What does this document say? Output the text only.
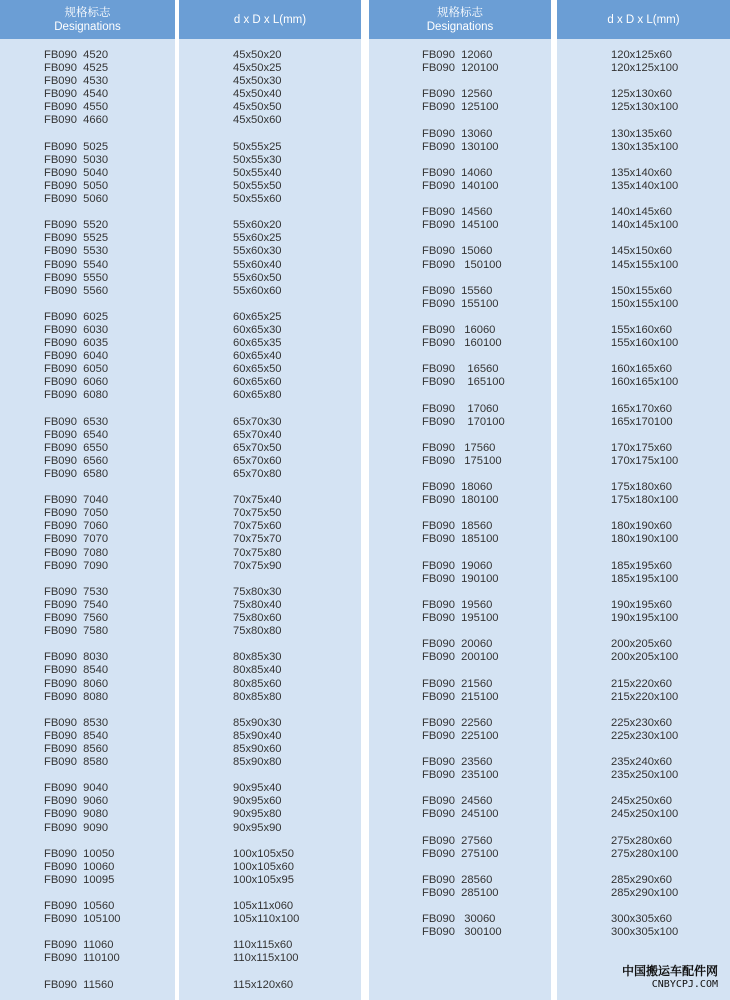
规格标志
Designations
FB090  4520
FB090  4525
FB090  4530
FB090  4540
FB090  4550
FB090  4660
FB090  5025
FB090  5030
FB090  5040
FB090  5050
FB090  5060
FB090  5520
FB090  5525
FB090  5530
FB090  5540
FB090  5550
FB090  5560
FB090  6025
FB090  6030
FB090  6035
FB090  6040
FB090  6050
FB090  6060
FB090  6080
FB090  6530
FB090  6540
FB090  6550
FB090  6560
FB090  6580
FB090  7040
FB090  7050
FB090  7060
FB090  7070
FB090  7080
FB090  7090
FB090  7530
FB090  7540
FB090  7560
FB090  7580
FB090  8030
FB090  8540
FB090  8060
FB090  8080
FB090  8530
FB090  8540
FB090  8560
FB090  8580
FB090  9040
FB090  9060
FB090  9080
FB090  9090
FB090  10050
FB090  10060
FB090  10095
FB090  10560
FB090  105100
FB090  11060
FB090  110100
FB090  11560
d x D x L(mm)
45x50x20
45x50x25
45x50x30
45x50x40
45x50x50
45x50x60
50x55x25
50x55x30
50x55x40
50x55x50
50x55x60
55x60x20
55x60x25
55x60x30
55x60x40
55x60x50
55x60x60
60x65x25
60x65x30
60x65x35
60x65x40
60x65x50
60x65x60
60x65x80
65x70x30
65x70x40
65x70x50
65x70x60
65x70x80
70x75x40
70x75x50
70x75x60
70x75x70
70x75x80
70x75x90
75x80x30
75x80x40
75x80x60
75x80x80
80x85x30
80x85x40
80x85x60
80x85x80
85x90x30
85x90x40
85x90x60
85x90x80
90x95x40
90x95x60
90x95x80
90x95x90
100x105x50
100x105x60
100x105x95
105x11x060
105x110x100
110x115x60
110x115x100
115x120x60
规格标志
Designations
FB090  12060
FB090  120100
FB090  12560
FB090  125100
FB090  13060
FB090  130100
FB090  14060
FB090  140100
FB090  14560
FB090  145100
FB090  15060
FB090   150100
FB090  15560
FB090  155100
FB090   16060
FB090   160100
FB090    16560
FB090    165100
FB090    17060
FB090    170100
FB090   17560
FB090   175100
FB090  18060
FB090  180100
FB090  18560
FB090  185100
FB090  19060
FB090  190100
FB090  19560
FB090  195100
FB090  20060
FB090  200100
FB090  21560
FB090  215100
FB090  22560
FB090  225100
FB090  23560
FB090  235100
FB090  24560
FB090  245100
FB090  27560
FB090  275100
FB090  28560
FB090  285100
FB090   30060
FB090   300100
d x D x L(mm)
120x125x60
120x125x100
125x130x60
125x130x100
130x135x60
130x135x100
135x140x60
135x140x100
140x145x60
140x145x100
145x150x60
145x155x100
150x155x60
150x155x100
155x160x60
155x160x100
160x165x60
160x165x100
165x170x60
165x170100
170x175x60
170x175x100
175x180x60
175x180x100
180x190x60
180x190x100
185x195x60
185x195x100
190x195x60
190x195x100
200x205x60
200x205x100
215x220x60
215x220x100
225x230x60
225x230x100
235x240x60
235x250x100
245x250x60
245x250x100
275x280x60
275x280x100
285x290x60
285x290x100
300x305x60
300x305x100
中国搬运车配件网
CNBYCPJ.COM
